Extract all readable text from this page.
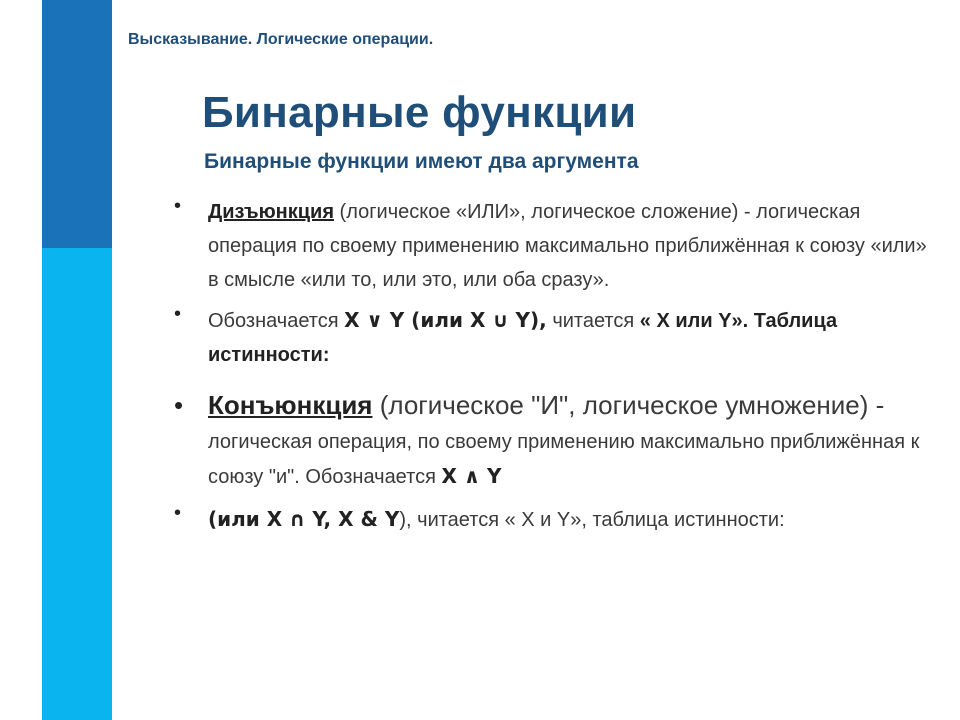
Высказывание. Логические операции.
Бинарные функции
Бинарные функции имеют два аргумента
• Дизъюнкция (логическое «ИЛИ», логическое сложение) - логическая операция по своему применению максимально приближённая к союзу «или» в смысле «или то, или это, или оба сразу».
• Обозначается X ∨ Y (или X ∪ Y), читается « X или Y». Таблица истинности:
• Конъюнкция (логическое "И", логическое умножение) - логическая операция, по своему применению максимально приближённая к союзу "и". Обозначается X ∧ Y
• (или X ∩ Y, X & Y), читается « X и Y», таблица истинности:
